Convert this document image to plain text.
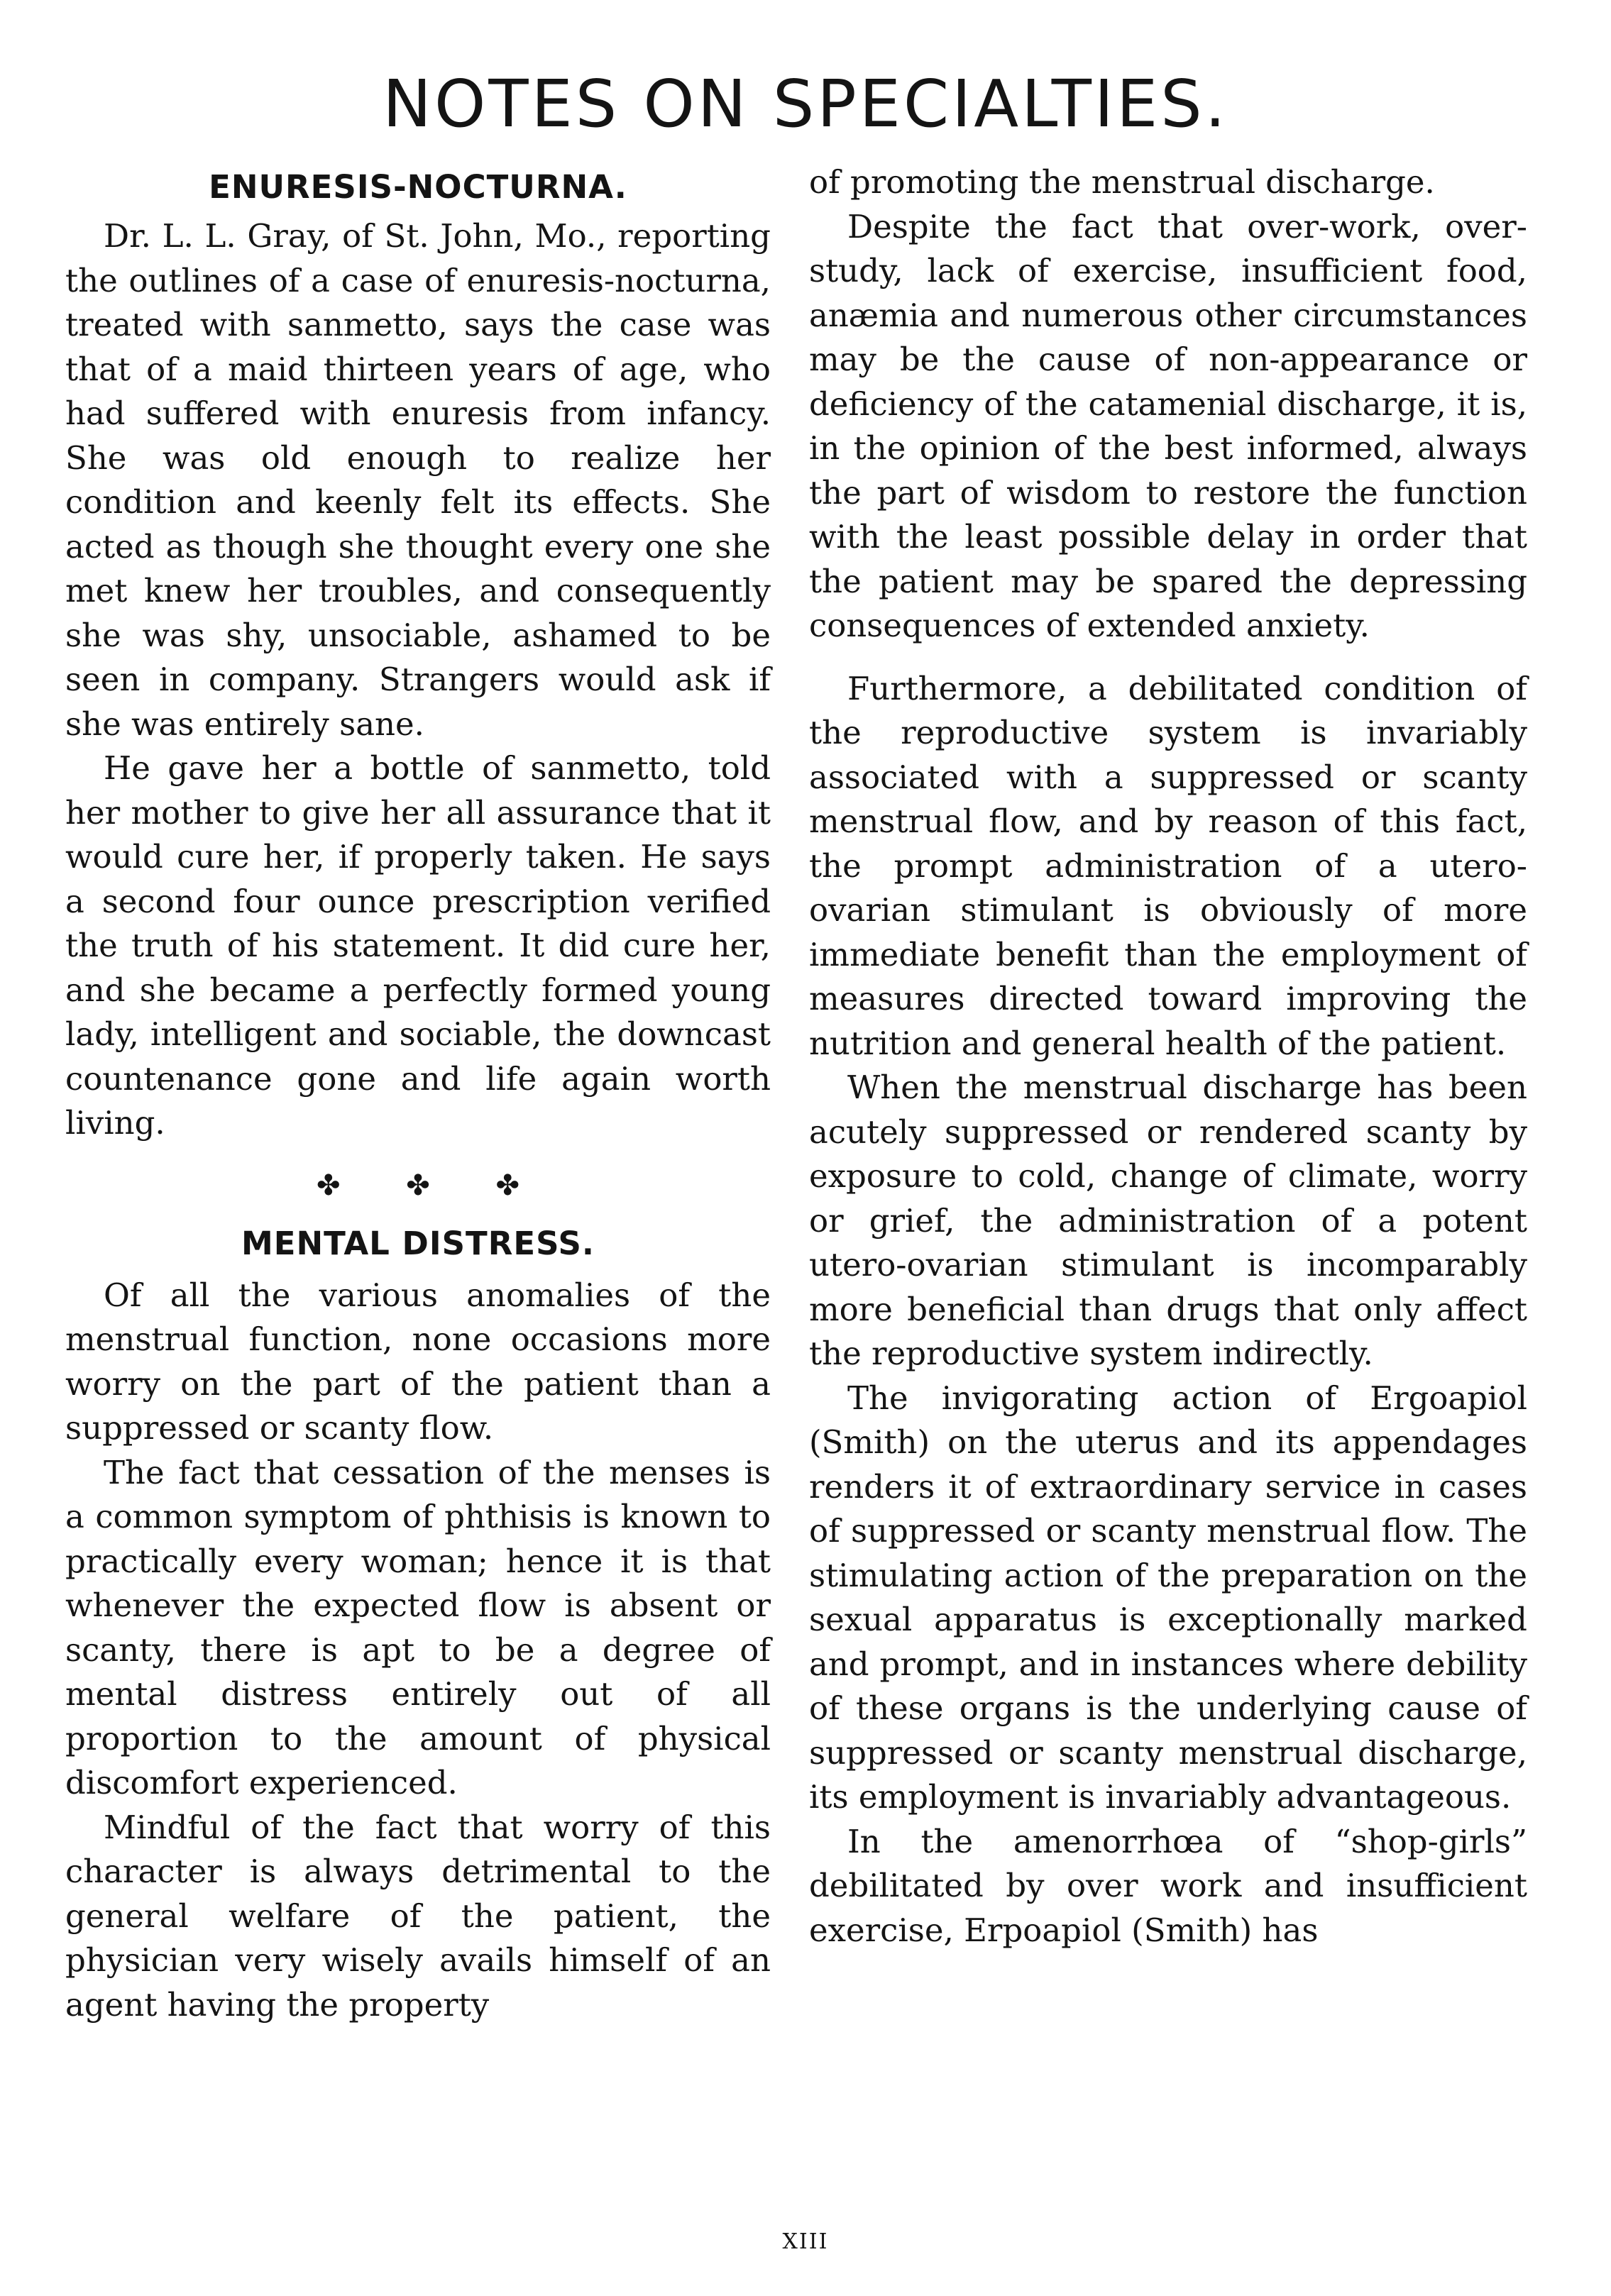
NOTES ON SPECIALTIES.
ENURESIS-NOCTURNA.

Dr. L. L. Gray, of St. John, Mo., reporting the outlines of a case of enuresis-nocturna, treated with sanmetto, says the case was that of a maid thirteen years of age, who had suffered with enuresis from infancy. She was old enough to realize her condition and keenly felt its effects. She acted as though she thought every one she met knew her troubles, and consequently she was shy, unsociable, ashamed to be seen in company. Strangers would ask if she was entirely sane.

He gave her a bottle of sanmetto, told her mother to give her all assurance that it would cure her, if properly taken. He says a second four ounce prescription verified the truth of his statement. It did cure her, and she became a perfectly formed young lady, intelligent and sociable, the downcast countenance gone and life again worth living.

✤ ✤ ✤
MENTAL DISTRESS.

Of all the various anomalies of the menstrual function, none occasions more worry on the part of the patient than a suppressed or scanty flow.

The fact that cessation of the menses is a common symptom of phthisis is known to practically every woman; hence it is that whenever the expected flow is absent or scanty, there is apt to be a degree of mental distress entirely out of all proportion to the amount of physical discomfort experienced.

Mindful of the fact that worry of this character is always detrimental to the general welfare of the patient, the physician very wisely avails himself of an agent having the property

of promoting the menstrual discharge.

Despite the fact that over-work, over-study, lack of exercise, insufficient food, anæmia and numerous other circumstances may be the cause of non-appearance or deficiency of the catamenial discharge, it is, in the opinion of the best informed, always the part of wisdom to restore the function with the least possible delay in order that the patient may be spared the depressing consequences of extended anxiety.

Furthermore, a debilitated condition of the reproductive system is invariably associated with a suppressed or scanty menstrual flow, and by reason of this fact, the prompt administration of a utero-ovarian stimulant is obviously of more immediate benefit than the employment of measures directed toward improving the nutrition and general health of the patient.

When the menstrual discharge has been acutely suppressed or rendered scanty by exposure to cold, change of climate, worry or grief, the administration of a potent utero-ovarian stimulant is incomparably more beneficial than drugs that only affect the reproductive system indirectly.

The invigorating action of Ergoapiol (Smith) on the uterus and its appendages renders it of extraordinary service in cases of suppressed or scanty menstrual flow. The stimulating action of the preparation on the sexual apparatus is exceptionally marked and prompt, and in instances where debility of these organs is the underlying cause of suppressed or scanty menstrual discharge, its employment is invariably advantageous.

In the amenorrhœa of “shop-girls” debilitated by over work and insufficient exercise, Erpoapiol (Smith) has

XIII
